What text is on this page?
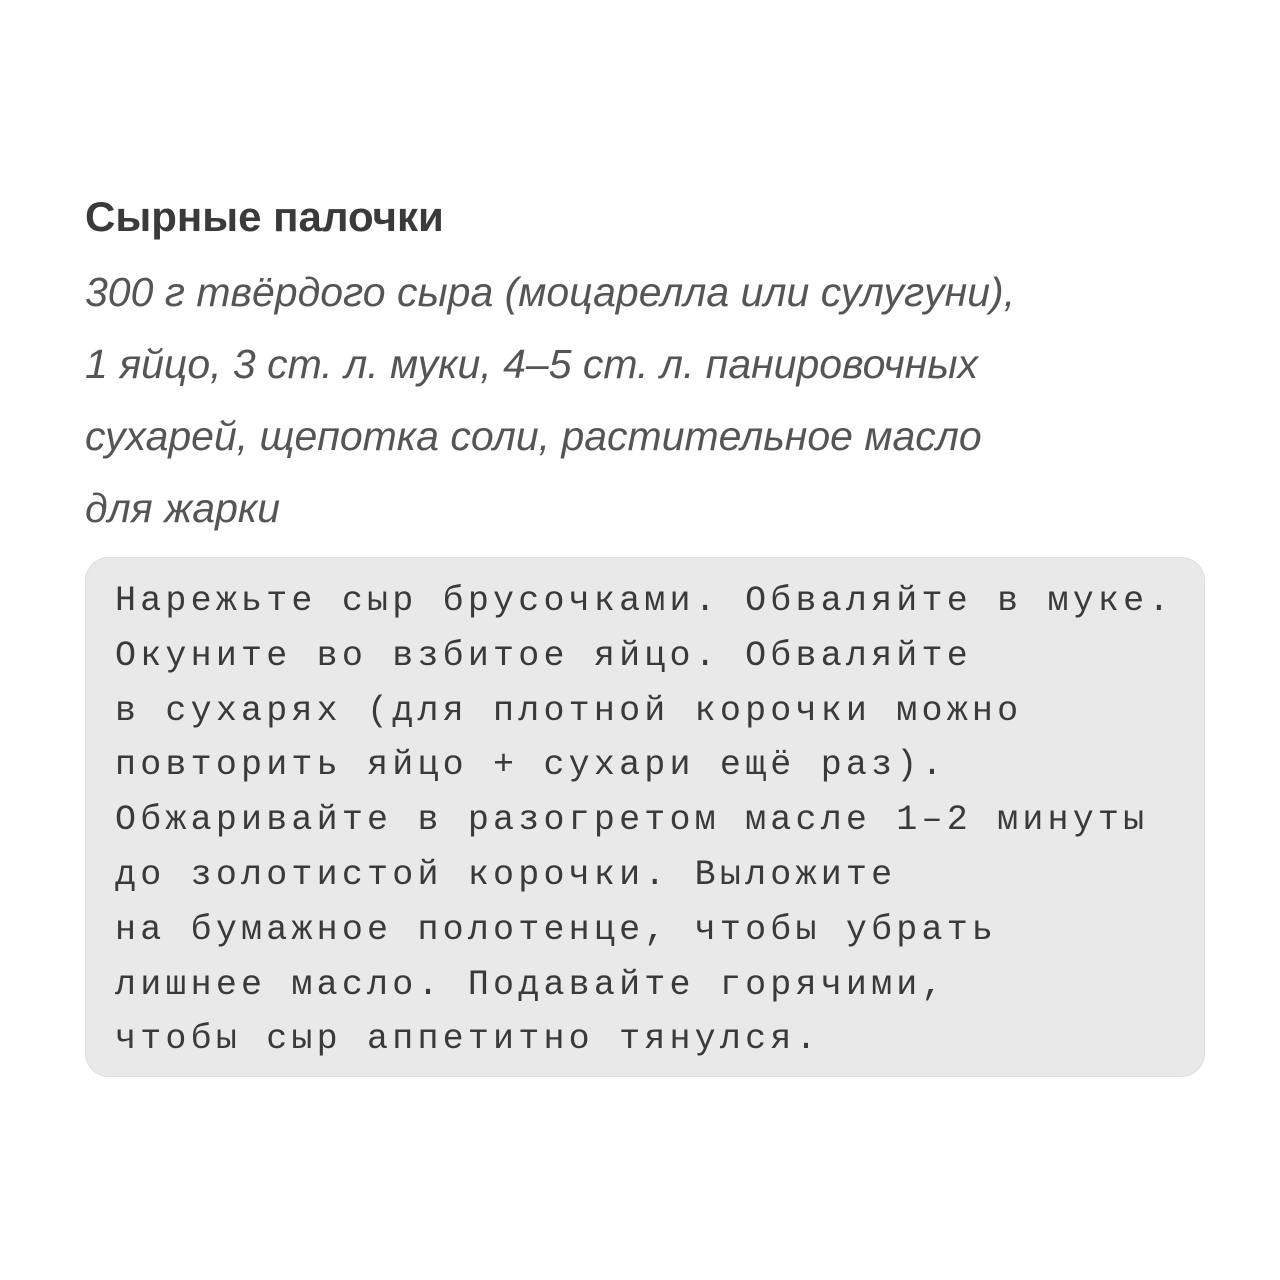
Сырные палочки

300 г твёрдого сыра (моцарелла или сулугуни),
1 яйцо, 3 ст. л. муки, 4–5 ст. л. панировочных
сухарей, щепотка соли, растительное масло
для жарки

Нарежьте сыр брусочками. Обваляйте в муке.
Окуните во взбитое яйцо. Обваляйте
в сухарях (для плотной корочки можно
повторить яйцо + сухари ещё раз).
Обжаривайте в разогретом масле 1–2 минуты
до золотистой корочки. Выложите
на бумажное полотенце, чтобы убрать
лишнее масло. Подавайте горячими,
чтобы сыр аппетитно тянулся.
